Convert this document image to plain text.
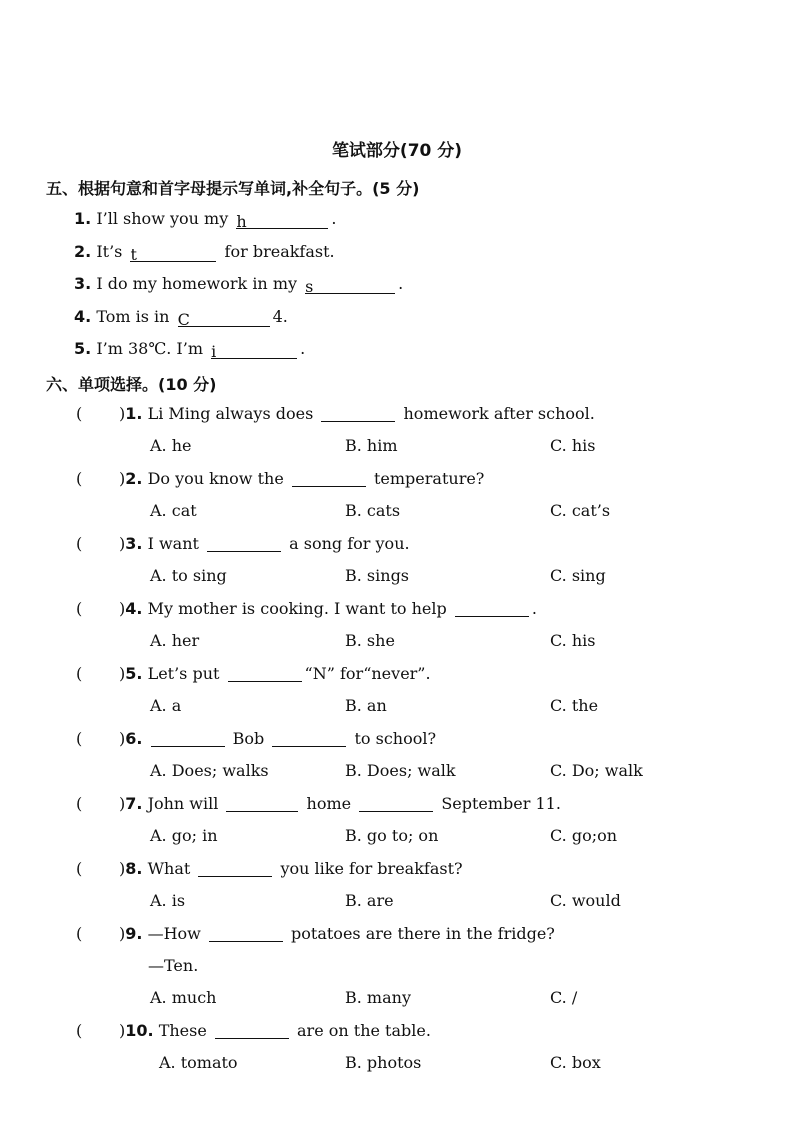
笔试部分(70 分)
五、根据句意和首字母提示写单词,补全句子。(5 分)
1. I’ll show you my h	.
2. It’s t	for breakfast.
3. I do my homework in my s	.
4. Tom is in C	4.
5. I’m 38℃. I’m i	.
六、单项选择。(10 分)
( )1. Li Ming always does	homework after school.
A. he	B. him	C. his
( )2. Do you know the	temperature?
A. cat	B. cats	C. cat’s
( )3. I want	a song for you.
A. to sing	B. sings	C. sing
( )4. My mother is cooking. I want to help	.
A. her	B. she	C. his
( )5. Let’s put	“N” for“never”.
A. a	B. an	C. the
( )6.	Bob	to school?
A. Does; walks	B. Does; walk	C. Do; walk
( )7. John will	home	September 11.
A. go; in	B. go to; on	C. go;on
( )8. What	you like for breakfast?
A. is	B. are	C. would
( )9. —How	potatoes are there in the fridge?
—Ten.
A. much	B. many	C. /
( )10. These	are on the table.
A. tomato	B. photos	C. box
